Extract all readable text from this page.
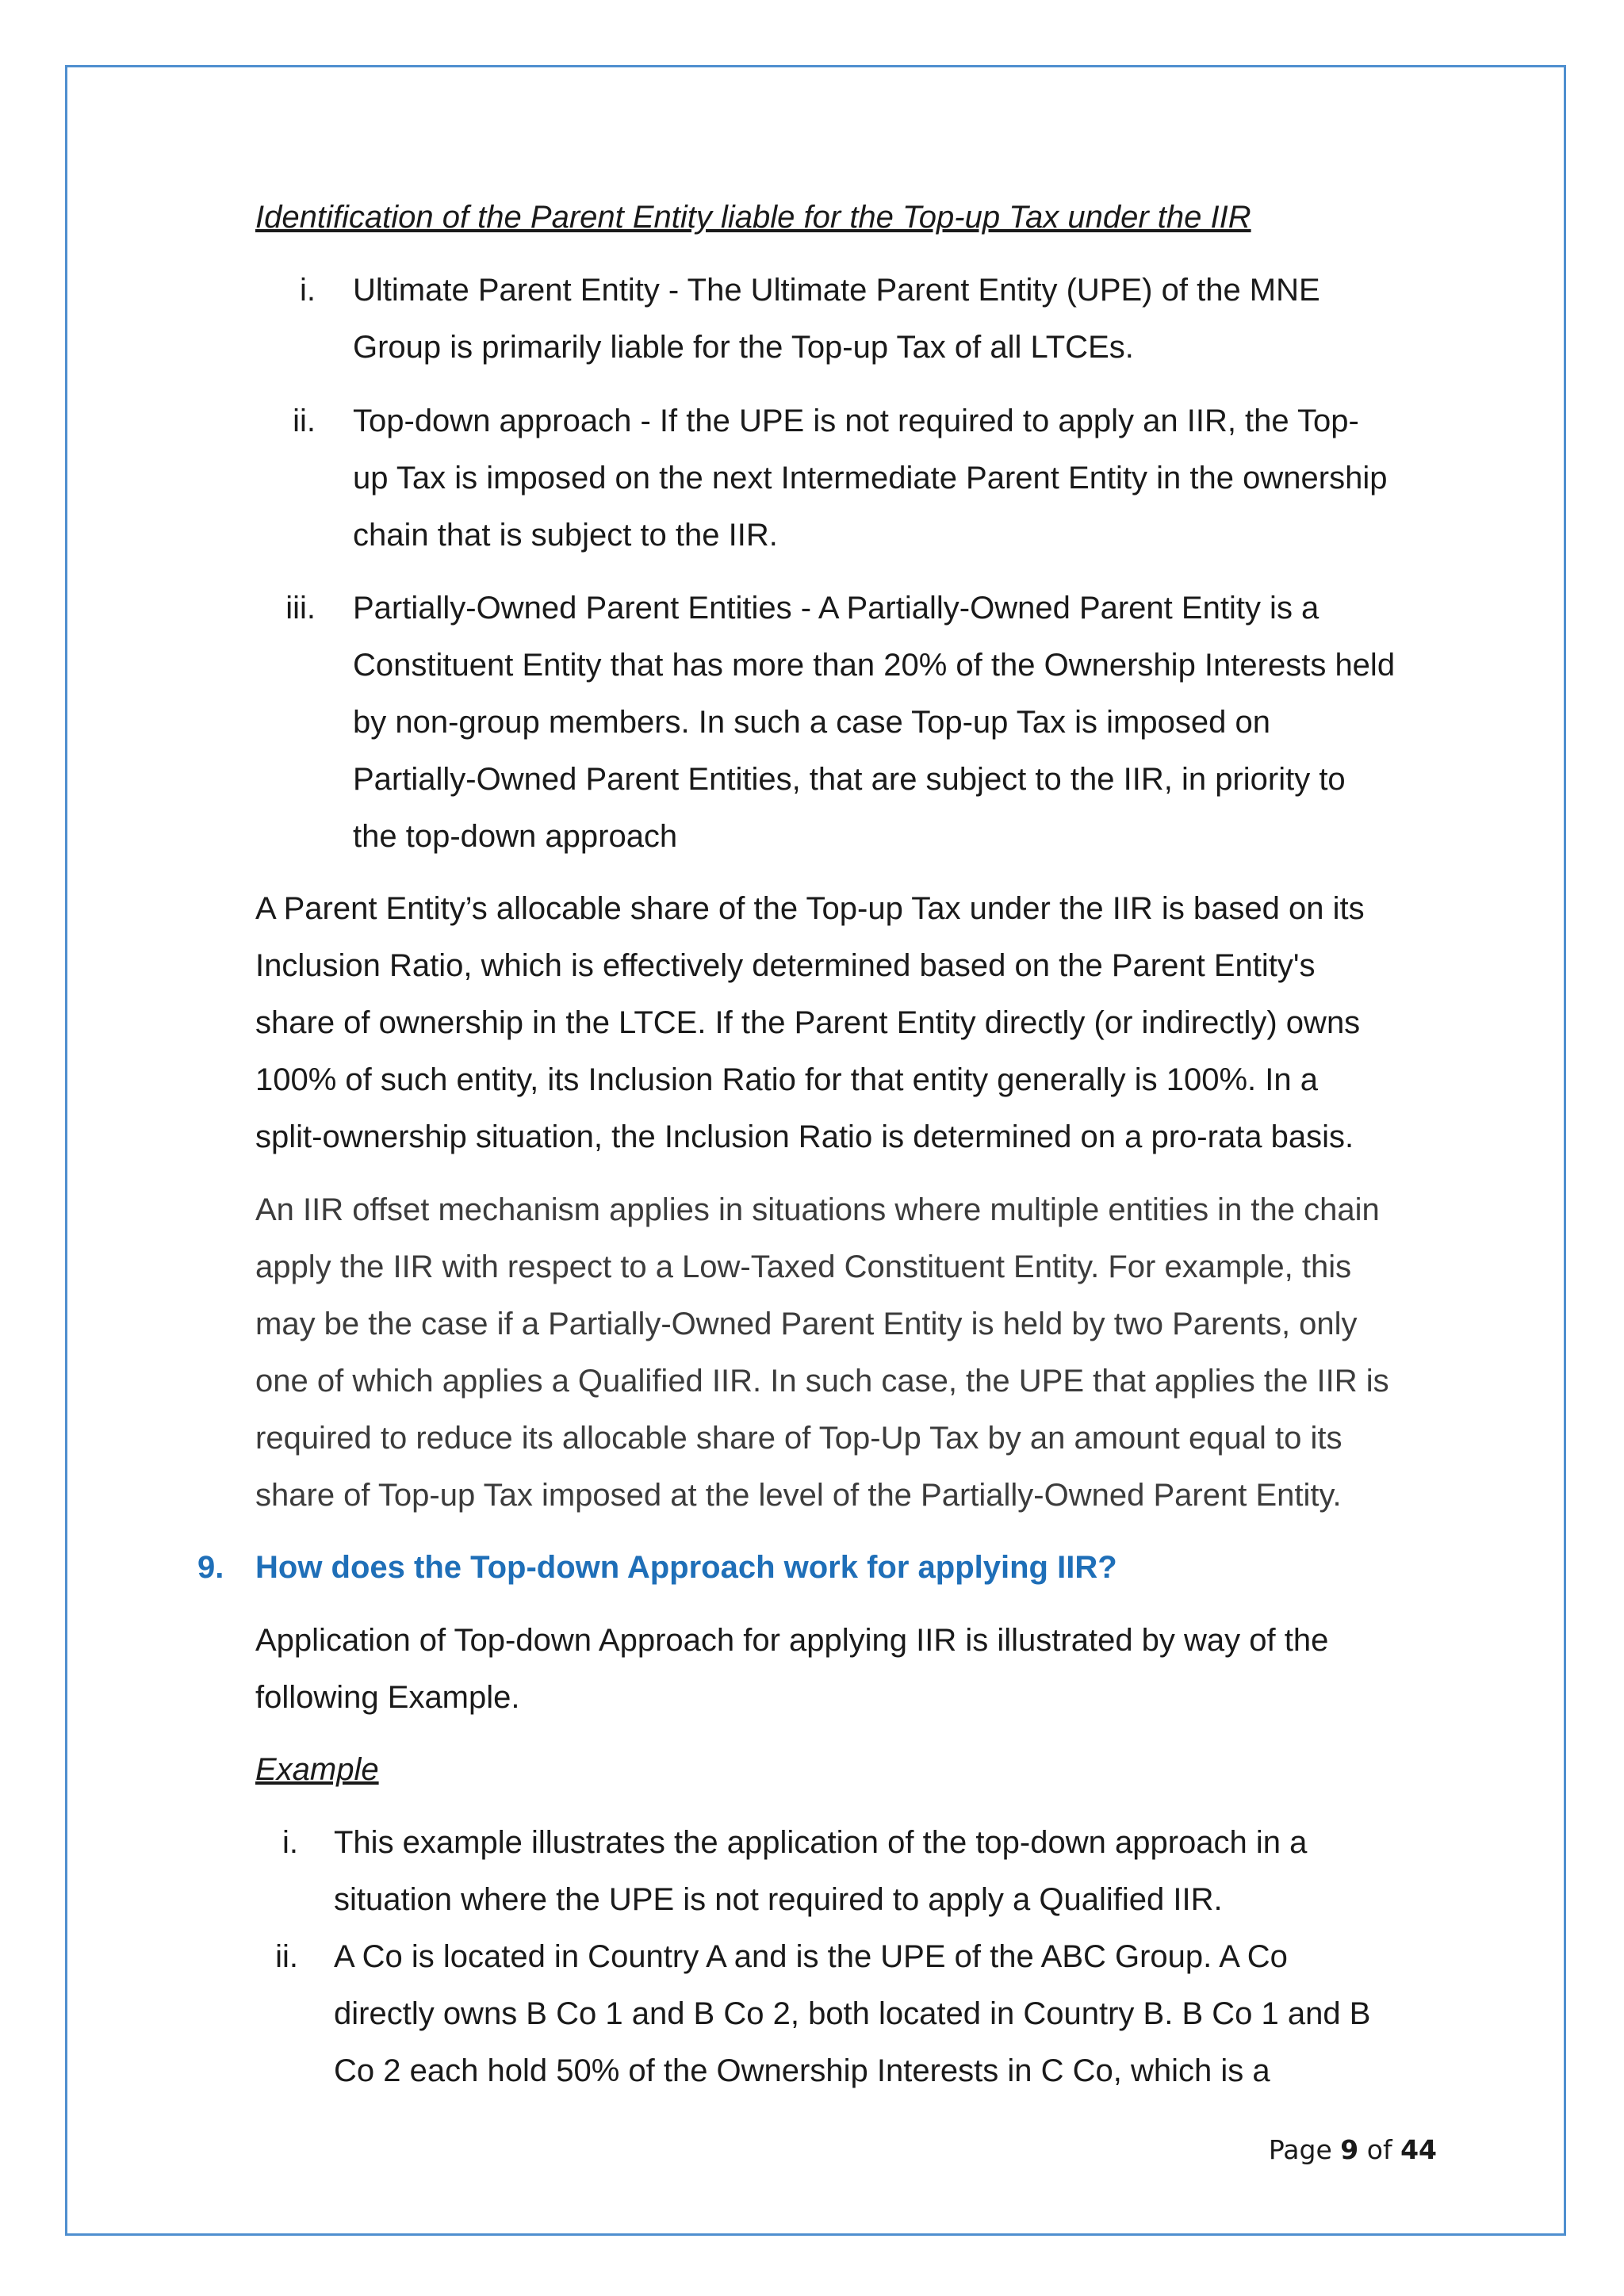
Identification of the Parent Entity liable for the Top-up Tax under the IIR
i. Ultimate Parent Entity - The Ultimate Parent Entity (UPE) of the MNE
Group is primarily liable for the Top-up Tax of all LTCEs.
ii. Top-down approach - If the UPE is not required to apply an IIR, the Top-
up Tax is imposed on the next Intermediate Parent Entity in the ownership
chain that is subject to the IIR.
iii. Partially-Owned Parent Entities - A Partially-Owned Parent Entity is a
Constituent Entity that has more than 20% of the Ownership Interests held
by non-group members. In such a case Top-up Tax is imposed on
Partially-Owned Parent Entities, that are subject to the IIR, in priority to
the top-down approach
A Parent Entity’s allocable share of the Top-up Tax under the IIR is based on its
Inclusion Ratio, which is effectively determined based on the Parent Entity's
share of ownership in the LTCE. If the Parent Entity directly (or indirectly) owns
100% of such entity, its Inclusion Ratio for that entity generally is 100%. In a
split-ownership situation, the Inclusion Ratio is determined on a pro-rata basis.
An IIR offset mechanism applies in situations where multiple entities in the chain
apply the IIR with respect to a Low-Taxed Constituent Entity. For example, this
may be the case if a Partially-Owned Parent Entity is held by two Parents, only
one of which applies a Qualified IIR. In such case, the UPE that applies the IIR is
required to reduce its allocable share of Top-Up Tax by an amount equal to its
share of Top-up Tax imposed at the level of the Partially-Owned Parent Entity.
9. How does the Top-down Approach work for applying IIR?
Application of Top-down Approach for applying IIR is illustrated by way of the
following Example.
Example
i. This example illustrates the application of the top-down approach in a
situation where the UPE is not required to apply a Qualified IIR.
ii. A Co is located in Country A and is the UPE of the ABC Group. A Co
directly owns B Co 1 and B Co 2, both located in Country B. B Co 1 and B
Co 2 each hold 50% of the Ownership Interests in C Co, which is a
Page 9 of 44
